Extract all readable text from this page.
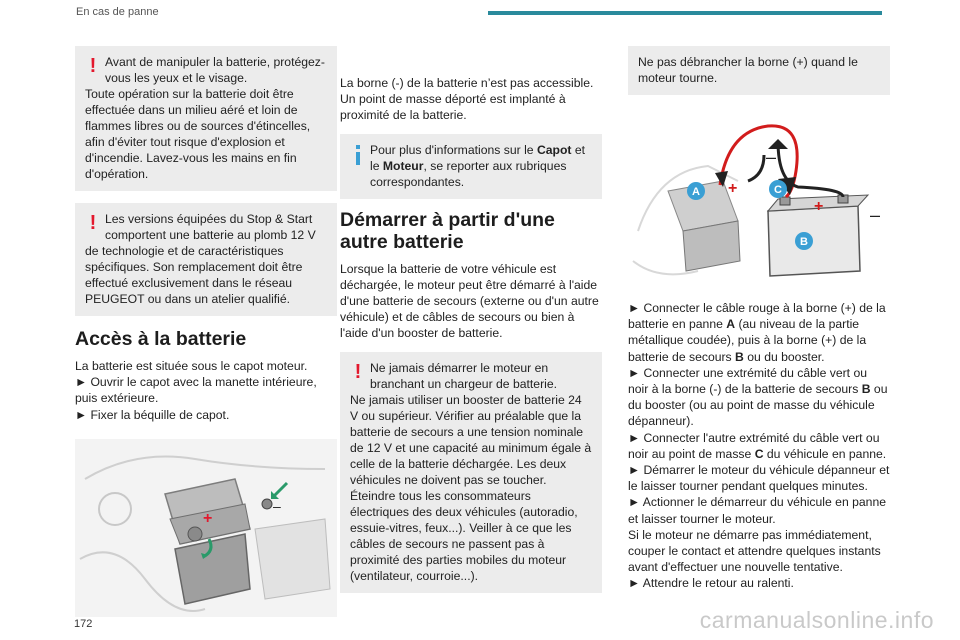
En cas de panne
! Avant de manipuler la batterie, protégez-vous les yeux et le visage.
Toute opération sur la batterie doit être effectuée dans un milieu aéré et loin de flammes libres ou de sources d'étincelles, afin d'éviter tout risque d'explosion et d'incendie. Lavez-vous les mains en fin d'opération.
! Les versions équipées du Stop & Start comportent une batterie au plomb 12 V
de technologie et de caractéristiques spécifiques. Son remplacement doit être effectué exclusivement dans le réseau PEUGEOT ou dans un atelier qualifié.
Accès à la batterie

La batterie est située sous le capot moteur.

► Ouvrir le capot avec la manette intérieure, puis extérieure.

► Fixer la béquille de capot.

+
–

La borne (-) de la batterie n’est pas accessible. Un point de masse déporté est implanté à proximité de la batterie.

Pour plus d'informations sur le Capot et le Moteur, se reporter aux rubriques correspondantes.
Démarrer à partir d'une autre batterie

Lorsque la batterie de votre véhicule est déchargée, le moteur peut être démarré à l'aide d'une batterie de secours (externe ou d'un autre véhicule) et de câbles de secours ou bien à l'aide d'un booster de batterie.

! Ne jamais démarrer le moteur en branchant un chargeur de batterie.
Ne jamais utiliser un booster de batterie 24 V ou supérieur. Vérifier au préalable que la batterie de secours a une tension nominale de 12 V et une capacité au minimum égale à celle de la batterie déchargée. Les deux véhicules ne doivent pas se toucher. Éteindre tous les consommateurs électriques des deux véhicules (autoradio, essuie-vitres, feux...). Veiller à ce que les câbles de secours ne passent pas à proximité des parties mobiles du moteur (ventilateur, courroie...).
Ne pas débrancher la borne (+) quand le moteur tourne.
+
+
–
–
A	C
B

► Connecter le câble rouge à la borne (+) de la batterie en panne A (au niveau de la partie métallique coudée), puis à la borne (+) de la batterie de secours B ou du booster.

► Connecter une extrémité du câble vert ou noir à la borne (-) de la batterie de secours B ou du booster (ou au point de masse du véhicule dépanneur).

► Connecter l'autre extrémité du câble vert ou noir au point de masse C du véhicule en panne.

► Démarrer le moteur du véhicule dépanneur et le laisser tourner pendant quelques minutes.

► Actionner le démarreur du véhicule en panne et laisser tourner le moteur.

Si le moteur ne démarre pas immédiatement, couper le contact et attendre quelques instants avant d'effectuer une nouvelle tentative.

► Attendre le retour au ralenti.

172	carmanualsonline.info
